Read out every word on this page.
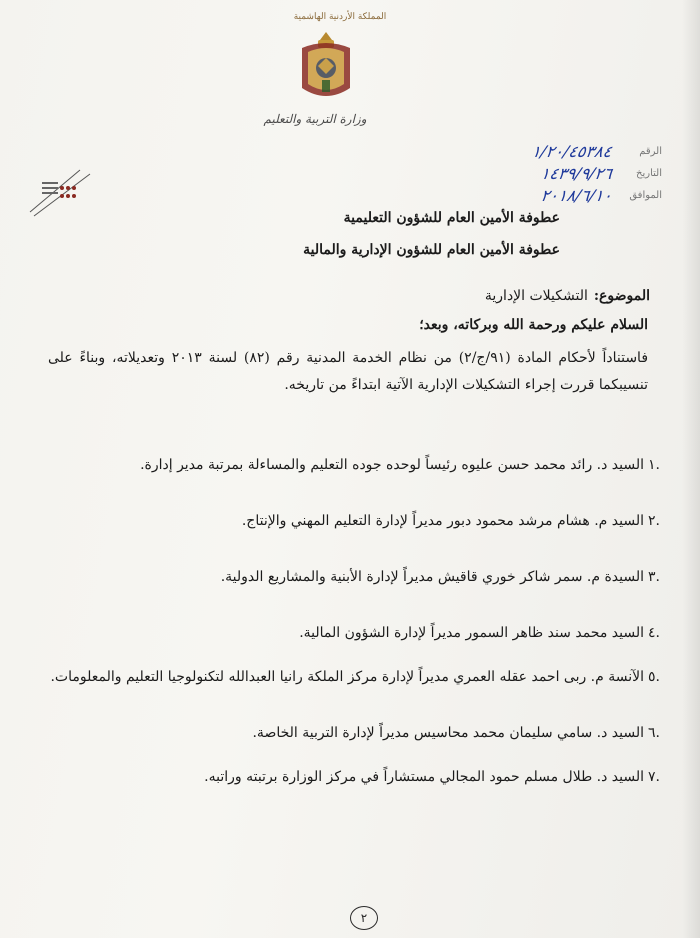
المملكة الأردنية الهاشمية
وزارة التربية والتعليم
الرقم
١/٢٠/٤٥٣٨٤
التاريخ
١٤٣٩/٩/٢٦
الموافق
٢٠١٨/٦/١٠
عطوفة الأمين العام للشؤون التعليمية
عطوفة الأمين العام للشؤون الإدارية والمالية
الموضوع:التشكيلات الإدارية
السلام عليكم ورحمة الله وبركاته، وبعد؛
فاستناداً لأحكام المادة (٩١/ج/٢) من نظام الخدمة المدنية رقم (٨٢) لسنة ٢٠١٣ وتعديلاته، وبناءً على تنسيبكما قررت إجراء التشكيلات الإدارية الآتية ابتداءً من تاريخه.
.١السيد د. رائد محمد حسن عليوه رئيساً لوحده جوده التعليم والمساءلة بمرتبة مدير إدارة.
.٢السيد م. هشام مرشد محمود دبور مديراً لإدارة التعليم المهني والإنتاج.
.٣السيدة م. سمر شاكر خوري قاقيش مديراً لإدارة الأبنية والمشاريع الدولية.
.٤السيد محمد سند ظاهر السمور مديراً لإدارة الشؤون المالية.
.٥الآنسة م. ربى احمد عقله العمري مديراً لإدارة مركز الملكة رانيا العبدالله لتكنولوجيا التعليم والمعلومات.
.٦السيد د. سامي سليمان محمد محاسيس مديراً لإدارة التربية الخاصة.
.٧السيد د. طلال مسلم حمود المجالي مستشاراً في مركز الوزارة برتبته وراتبه.
٢
